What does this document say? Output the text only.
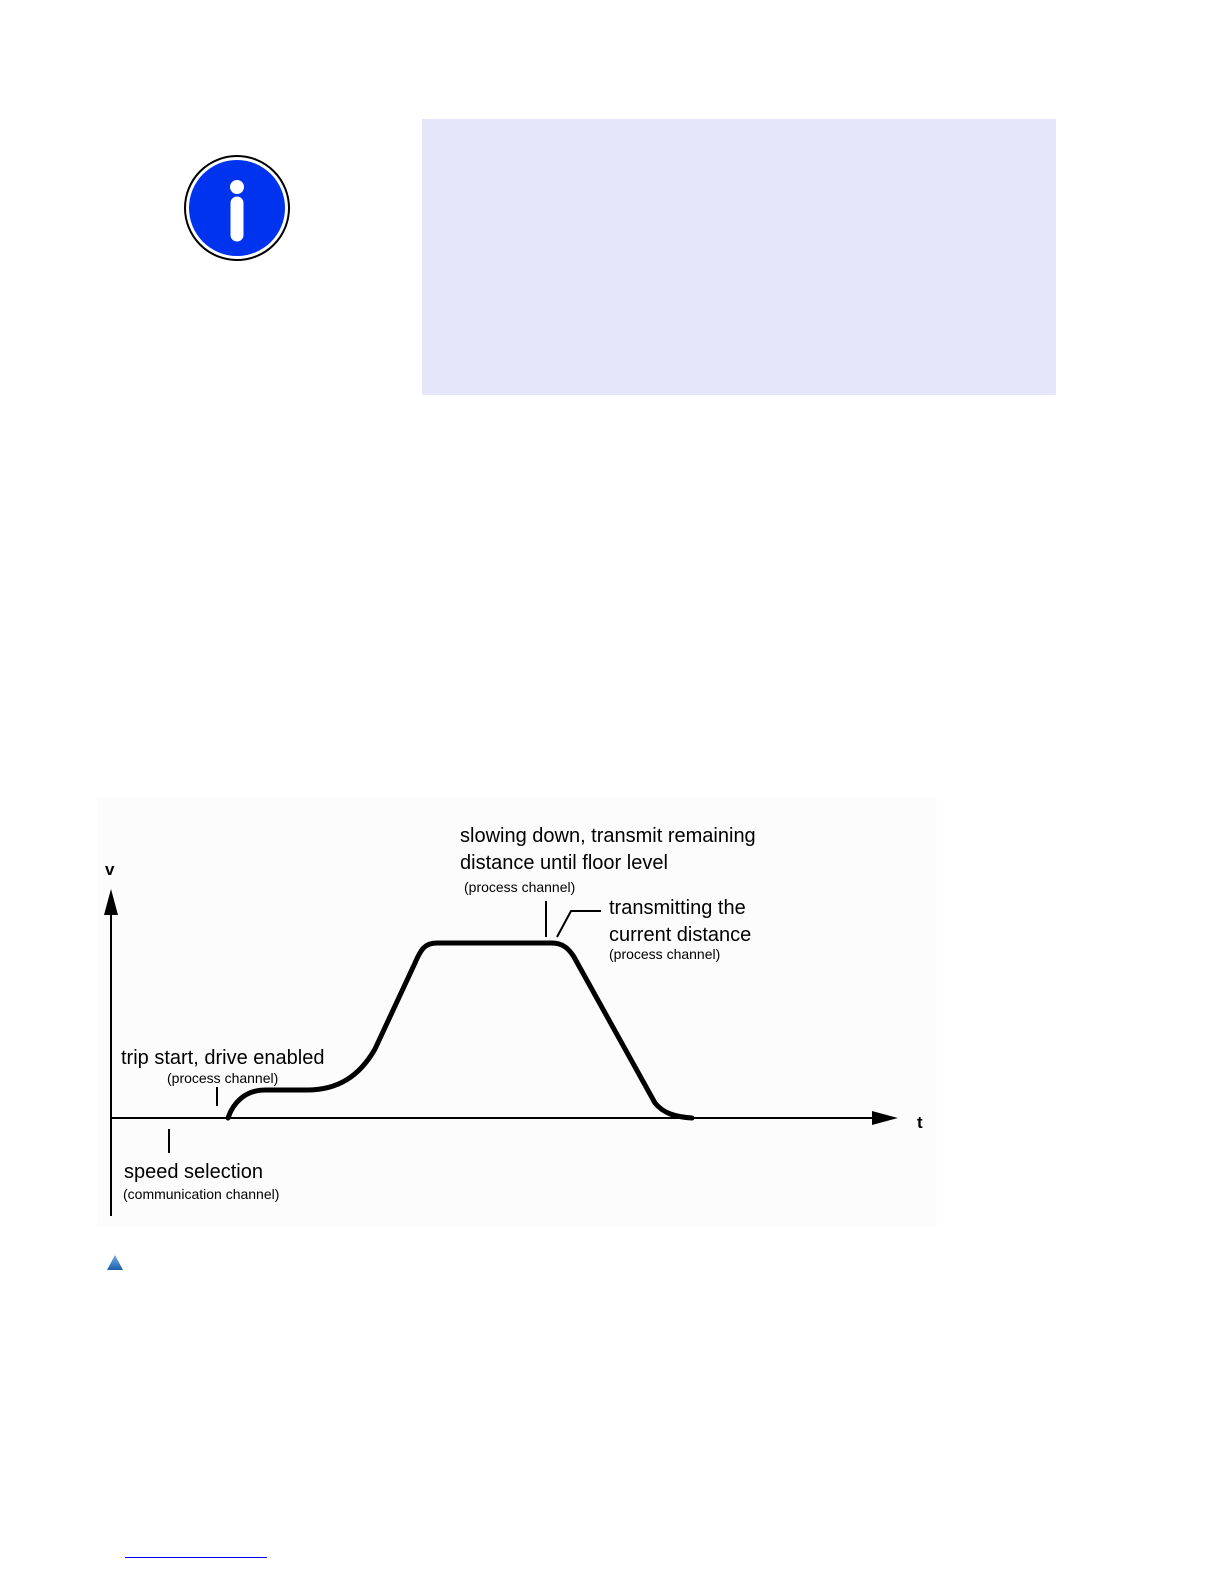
v
t
slowing down, transmit remaining
distance until floor level
(process channel)
transmitting the
current distance
(process channel)
trip start, drive enabled
(process channel)
speed selection
(communication channel)
